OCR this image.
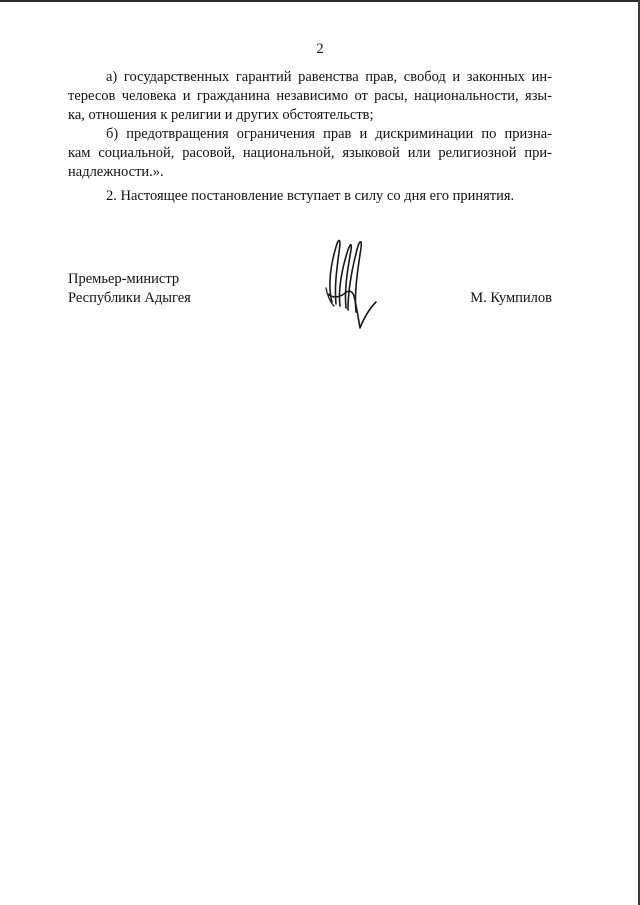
2
а) государственных гарантий равенства прав, свобод и законных ин-
тересов человека и гражданина независимо от расы, национальности, язы-
ка, отношения к религии и других обстоятельств;
б) предотвращения ограничения прав и дискриминации по призна-
кам социальной, расовой, национальной, языковой или религиозной при-
надлежности.».
2. Настоящее постановление вступает в силу со дня его принятия.
Премьер-министр
Республики Адыгея	М. Кумпилов
